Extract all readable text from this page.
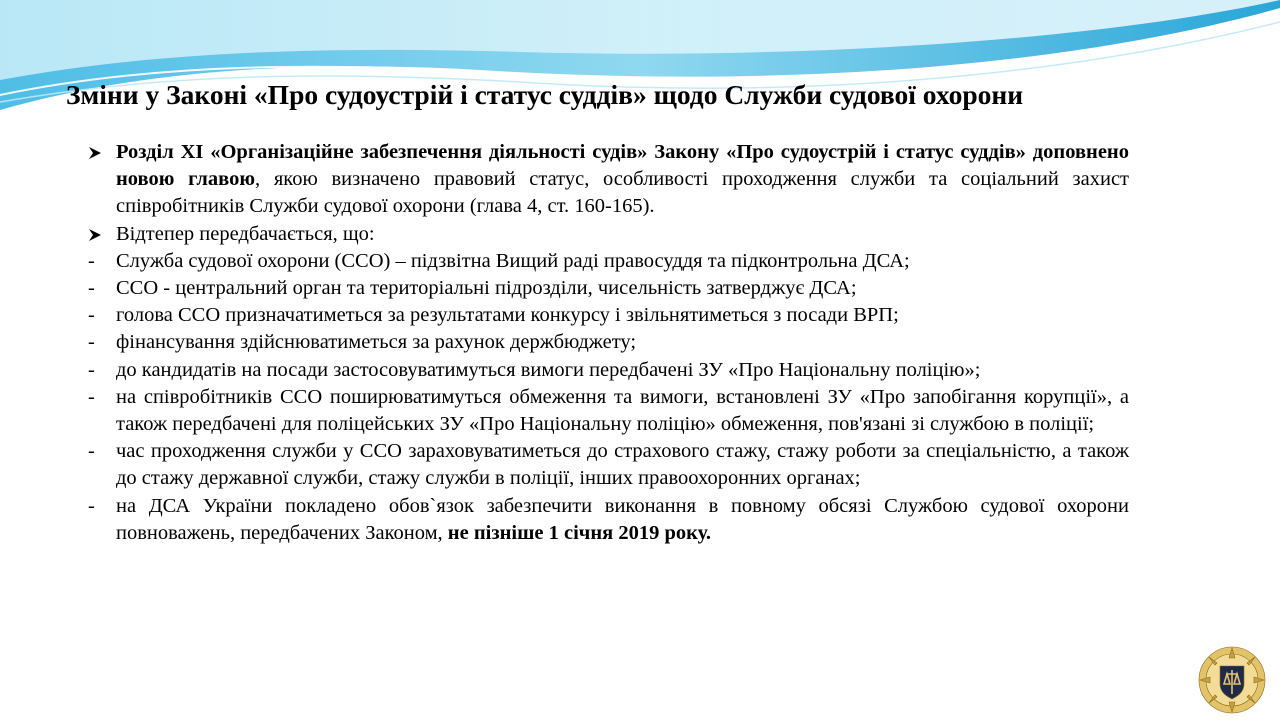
Зміни у Законі «Про судоустрій і статус суддів» щодо Служби судової охорони
Розділ XI «Організаційне забезпечення діяльності судів» Закону «Про судоустрій і статус суддів» доповнено новою главою, якою визначено правовий статус, особливості проходження служби та соціальний захист співробітників Служби судової охорони (глава 4, ст. 160-165).
Відтепер передбачається, що:
-	Служба судової охорони (ССО) – підзвітна Вищий раді правосуддя та підконтрольна ДСА;
-	ССО - центральний орган та територіальні підрозділи, чисельність затверджує ДСА;
-	голова ССО призначатиметься за результатами конкурсу і звільнятиметься з посади ВРП;
-	фінансування здійснюватиметься за рахунок держбюджету;
-	до кандидатів на посади застосовуватимуться вимоги передбачені ЗУ «Про Національну поліцію»;
-	на співробітників ССО поширюватимуться обмеження та вимоги, встановлені ЗУ «Про запобігання корупції», а також передбачені для поліцейських ЗУ «Про Національну поліцію» обмеження, пов'язані зі службою в поліції;
-	час проходження служби у ССО зараховуватиметься до страхового стажу, стажу роботи за спеціальністю, а також до стажу державної служби, стажу служби в поліції, інших правоохоронних органах;
-	на ДСА України покладено обов`язок забезпечити виконання в повному обсязі Службою судової охорони повноважень, передбачених Законом, не пізніше 1 січня 2019 року.
